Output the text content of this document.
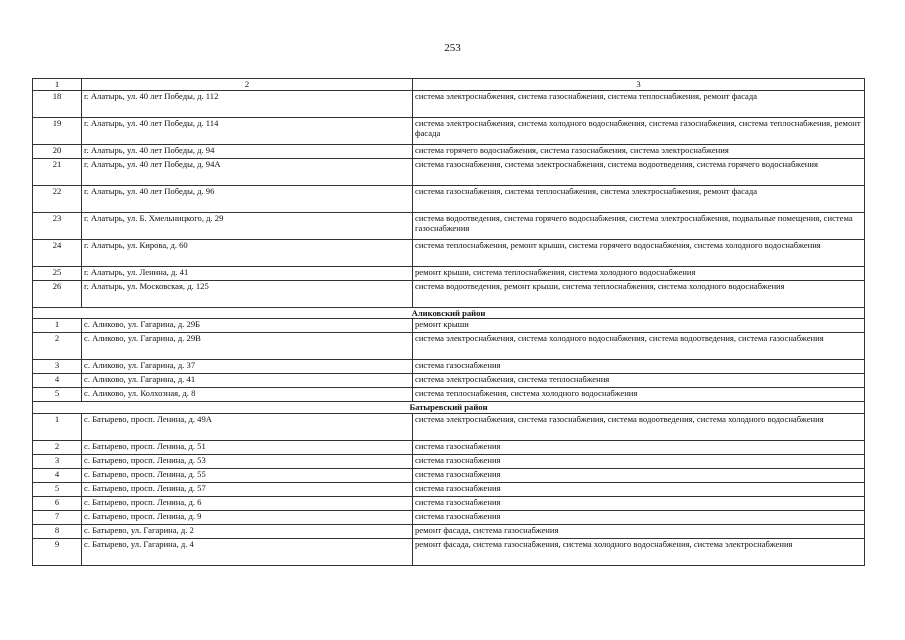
253
1	2	3
18	г. Алатырь, ул. 40 лет Победы, д. 112	система электроснабжения, система газоснабжения, система теплоснабжения, ремонт фасада
19	г. Алатырь, ул. 40 лет Победы, д. 114	система электроснабжения, система холодного водоснабжения, система газоснабжения, система теплоснабжения, ремонт фасада
20	г. Алатырь, ул. 40 лет Победы, д. 94	система горячего водоснабжения, система газоснабжения, система электроснабжения
21	г. Алатырь, ул. 40 лет Победы, д. 94А	система газоснабжения, система электроснабжения, система водоотведения, система горячего водоснабжения
22	г. Алатырь, ул. 40 лет Победы, д. 96	система газоснабжения, система теплоснабжения, система электроснабжения, ремонт фасада
23	г. Алатырь, ул. Б. Хмельницкого, д. 29	система водоотведения, система горячего водоснабжения, система электроснабжения, подвальные помещения, система газоснабжения
24	г. Алатырь, ул. Кирова, д. 60	система теплоснабжения, ремонт крыши, система горячего водоснабжения, система холодного водоснабжения
25	г. Алатырь, ул. Ленина, д. 41	ремонт крыши, система теплоснабжения, система холодного водоснабжения
26	г. Алатырь, ул. Московская, д. 125	система водоотведения, ремонт крыши, система теплоснабжения, система холодного водоснабжения
Аликовский район		
1	с. Аликово, ул. Гагарина, д. 29Б	ремонт крыши
2	с. Аликово, ул. Гагарина, д. 29В	система электроснабжения, система холодного водоснабжения, система водоотведения, система газоснабжения
3	с. Аликово, ул. Гагарина, д. 37	система газоснабжения
4	с. Аликово, ул. Гагарина, д. 41	система электроснабжения, система теплоснабжения
5	с. Аликово, ул. Колхозная, д. 8	система теплоснабжения, система холодного водоснабжения
Батыревский район		
1	с. Батырево, просп. Ленина, д. 49А	система электроснабжения, система газоснабжения, система водоотведения, система холодного водоснабжения
2	с. Батырево, просп. Ленина, д. 51	система газоснабжения
3	с. Батырево, просп. Ленина, д. 53	система газоснабжения
4	с. Батырево, просп. Ленина, д. 55	система газоснабжения
5	с. Батырево, просп. Ленина, д. 57	система газоснабжения
6	с. Батырево, просп. Ленина, д. 6	система газоснабжения
7	с. Батырево, просп. Ленина, д. 9	система газоснабжения
8	с. Батырево, ул. Гагарина, д. 2	ремонт фасада, система газоснабжения
9	с. Батырево, ул. Гагарина, д. 4	ремонт фасада, система газоснабжения, система холодного водоснабжения, система электроснабжения
